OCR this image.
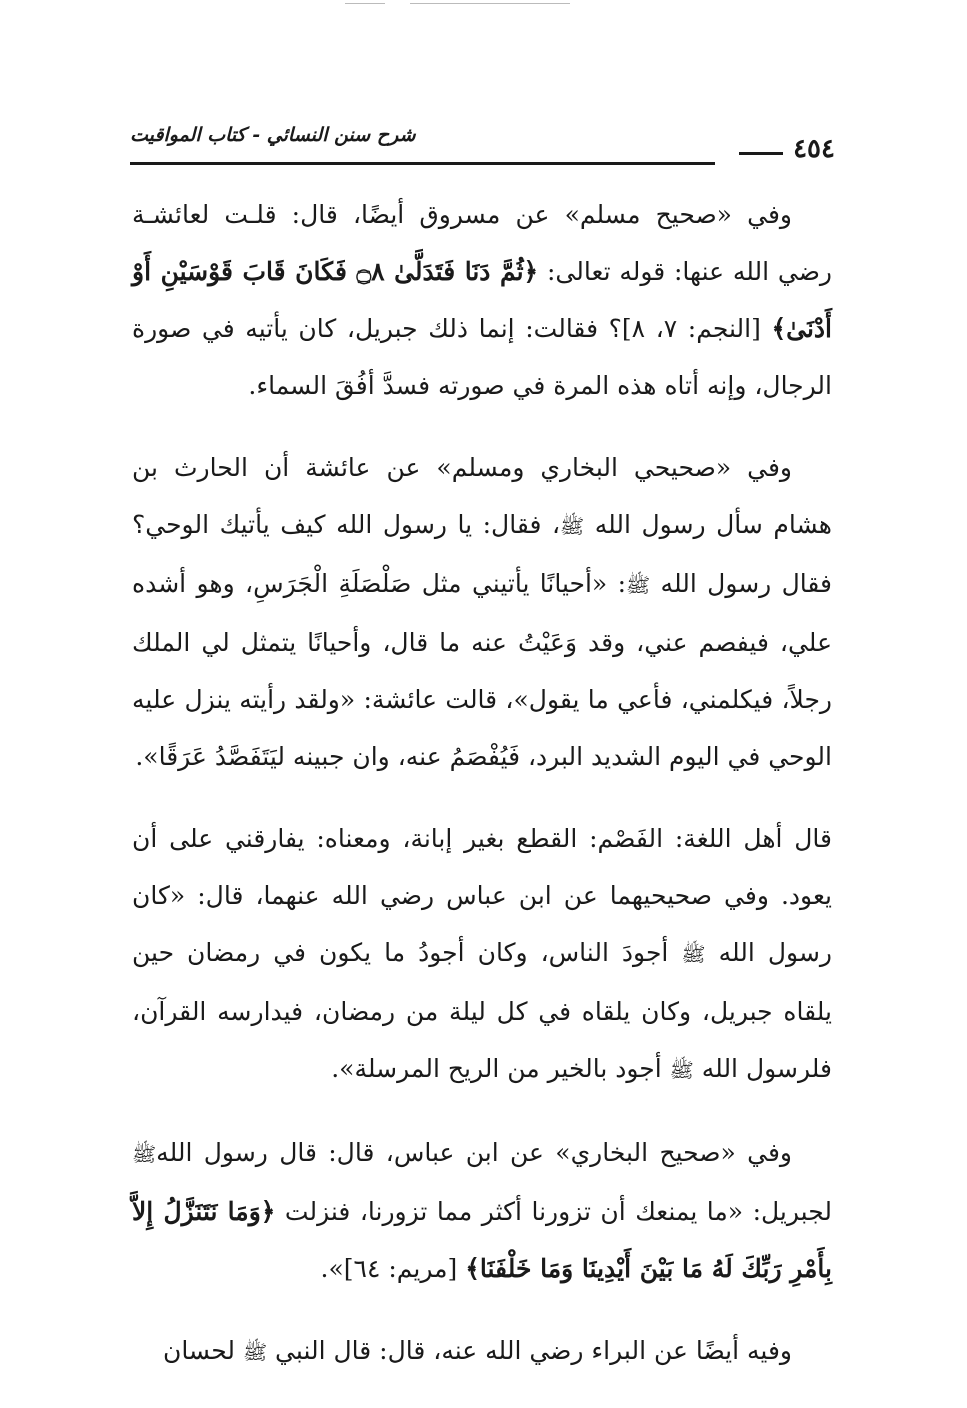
٤٥٤
شرح سنن النسائي - كتاب المواقيت

وفي «صحيح مسلم» عن مسروق أيضًا، قال: قلـت لعائشـة رضي الله عنها: قوله تعالى: ﴿ثُمَّ دَنَا فَتَدَلَّىٰ ۝٨ فَكَانَ قَابَ قَوْسَيْنِ أَوْ أَدْنَىٰ﴾ [النجم: ٧، ٨]؟ فقالت: إنما ذلك جبريل، كان يأتيه في صورة الرجال، وإنه أتاه هذه المرة في صورته فسدَّ أفُقَ السماء.

وفي «صحيحي البخاري ومسلم» عن عائشة أن الحارث بن هشام سأل رسول الله ﷺ، فقال: يا رسول الله كيف يأتيك الوحي؟ فقال رسول الله ﷺ: «أحيانًا يأتيني مثل صَلْصَلَةِ الْجَرَسِ، وهو أشده علي، فيفصم عني، وقد وَعَيْتُ عنه ما قال، وأحيانًا يتمثل لي الملك رجلاً، فيكلمني، فأعي ما يقول»، قالت عائشة: «ولقد رأيته ينزل عليه الوحي في اليوم الشديد البرد، فَيُفْصَمُ عنه، وان جبينه ليَتَفَصَّدُ عَرَقًا».

قال أهل اللغة: الفَصْم: القطع بغير إبانة، ومعناه: يفارقني على أن يعود. وفي صحيحيهما عن ابن عباس رضي الله عنهما، قال: «كان رسول الله ﷺ أجودَ الناس، وكان أجودُ ما يكون في رمضان حين يلقاه جبريل، وكان يلقاه في كل ليلة من رمضان، فيدارسه القرآن، فلرسول الله ﷺ أجود بالخير من الريح المرسلة».

وفي «صحيح البخاري» عن ابن عباس، قال: قال رسول اللهﷺ لجبريل: «ما يمنعك أن تزورنا أكثر مما تزورنا، فنزلت ﴿وَمَا نَتَنَزَّلُ إِلاَّ بِأَمْرِ رَبِّكَ لَهُ مَا بَيْنَ أَيْدِينَا وَمَا خَلْفَنَا﴾ [مريم: ٦٤]».

وفيه أيضًا عن البراء رضي الله عنه، قال: قال النبي ﷺ لحسان
